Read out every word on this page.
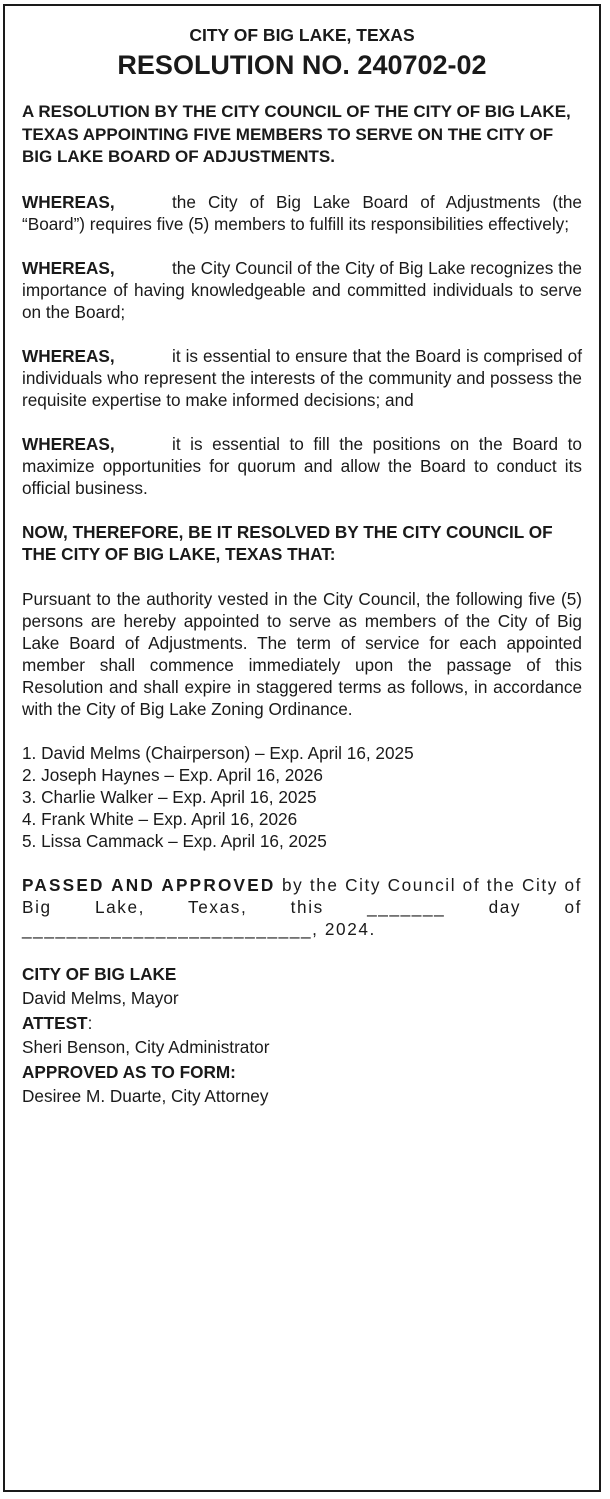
CITY OF BIG LAKE, TEXAS
RESOLUTION NO. 240702-02
A RESOLUTION BY THE CITY COUNCIL OF THE CITY OF BIG LAKE, TEXAS APPOINTING FIVE MEMBERS TO SERVE ON THE CITY OF BIG LAKE BOARD OF ADJUSTMENTS.
WHEREAS,	the City of Big Lake Board of Adjustments (the “Board”) requires five (5) members to fulfill its responsibilities effectively;
WHEREAS,	the City Council of the City of Big Lake recognizes the importance of having knowledgeable and committed individuals to serve on the Board;
WHEREAS,	it is essential to ensure that the Board is comprised of individuals who represent the interests of the community and possess the requisite expertise to make informed decisions; and
WHEREAS,	it is essential to fill the positions on the Board to maximize opportunities for quorum and allow the Board to conduct its official business.
NOW, THEREFORE, BE IT RESOLVED BY THE CITY COUNCIL OF THE CITY OF BIG LAKE, TEXAS THAT:
Pursuant to the authority vested in the City Council, the following five (5) persons are hereby appointed to serve as members of the City of Big Lake Board of Adjustments. The term of service for each appointed member shall commence immediately upon the passage of this Resolution and shall expire in staggered terms as follows, in accordance with the City of Big Lake Zoning Ordinance.
1. David Melms (Chairperson) – Exp. April 16, 2025
2. Joseph Haynes – Exp. April 16, 2026
3. Charlie Walker – Exp. April 16, 2025
4. Frank White – Exp. April 16, 2026
5. Lissa Cammack – Exp. April 16, 2025
PASSED AND APPROVED by the City Council of the City of Big Lake, Texas, this _______ day of __________________________, 2024.
CITY OF BIG LAKE
David Melms, Mayor
ATTEST:
Sheri Benson, City Administrator
APPROVED AS TO FORM:
Desiree M. Duarte, City Attorney
